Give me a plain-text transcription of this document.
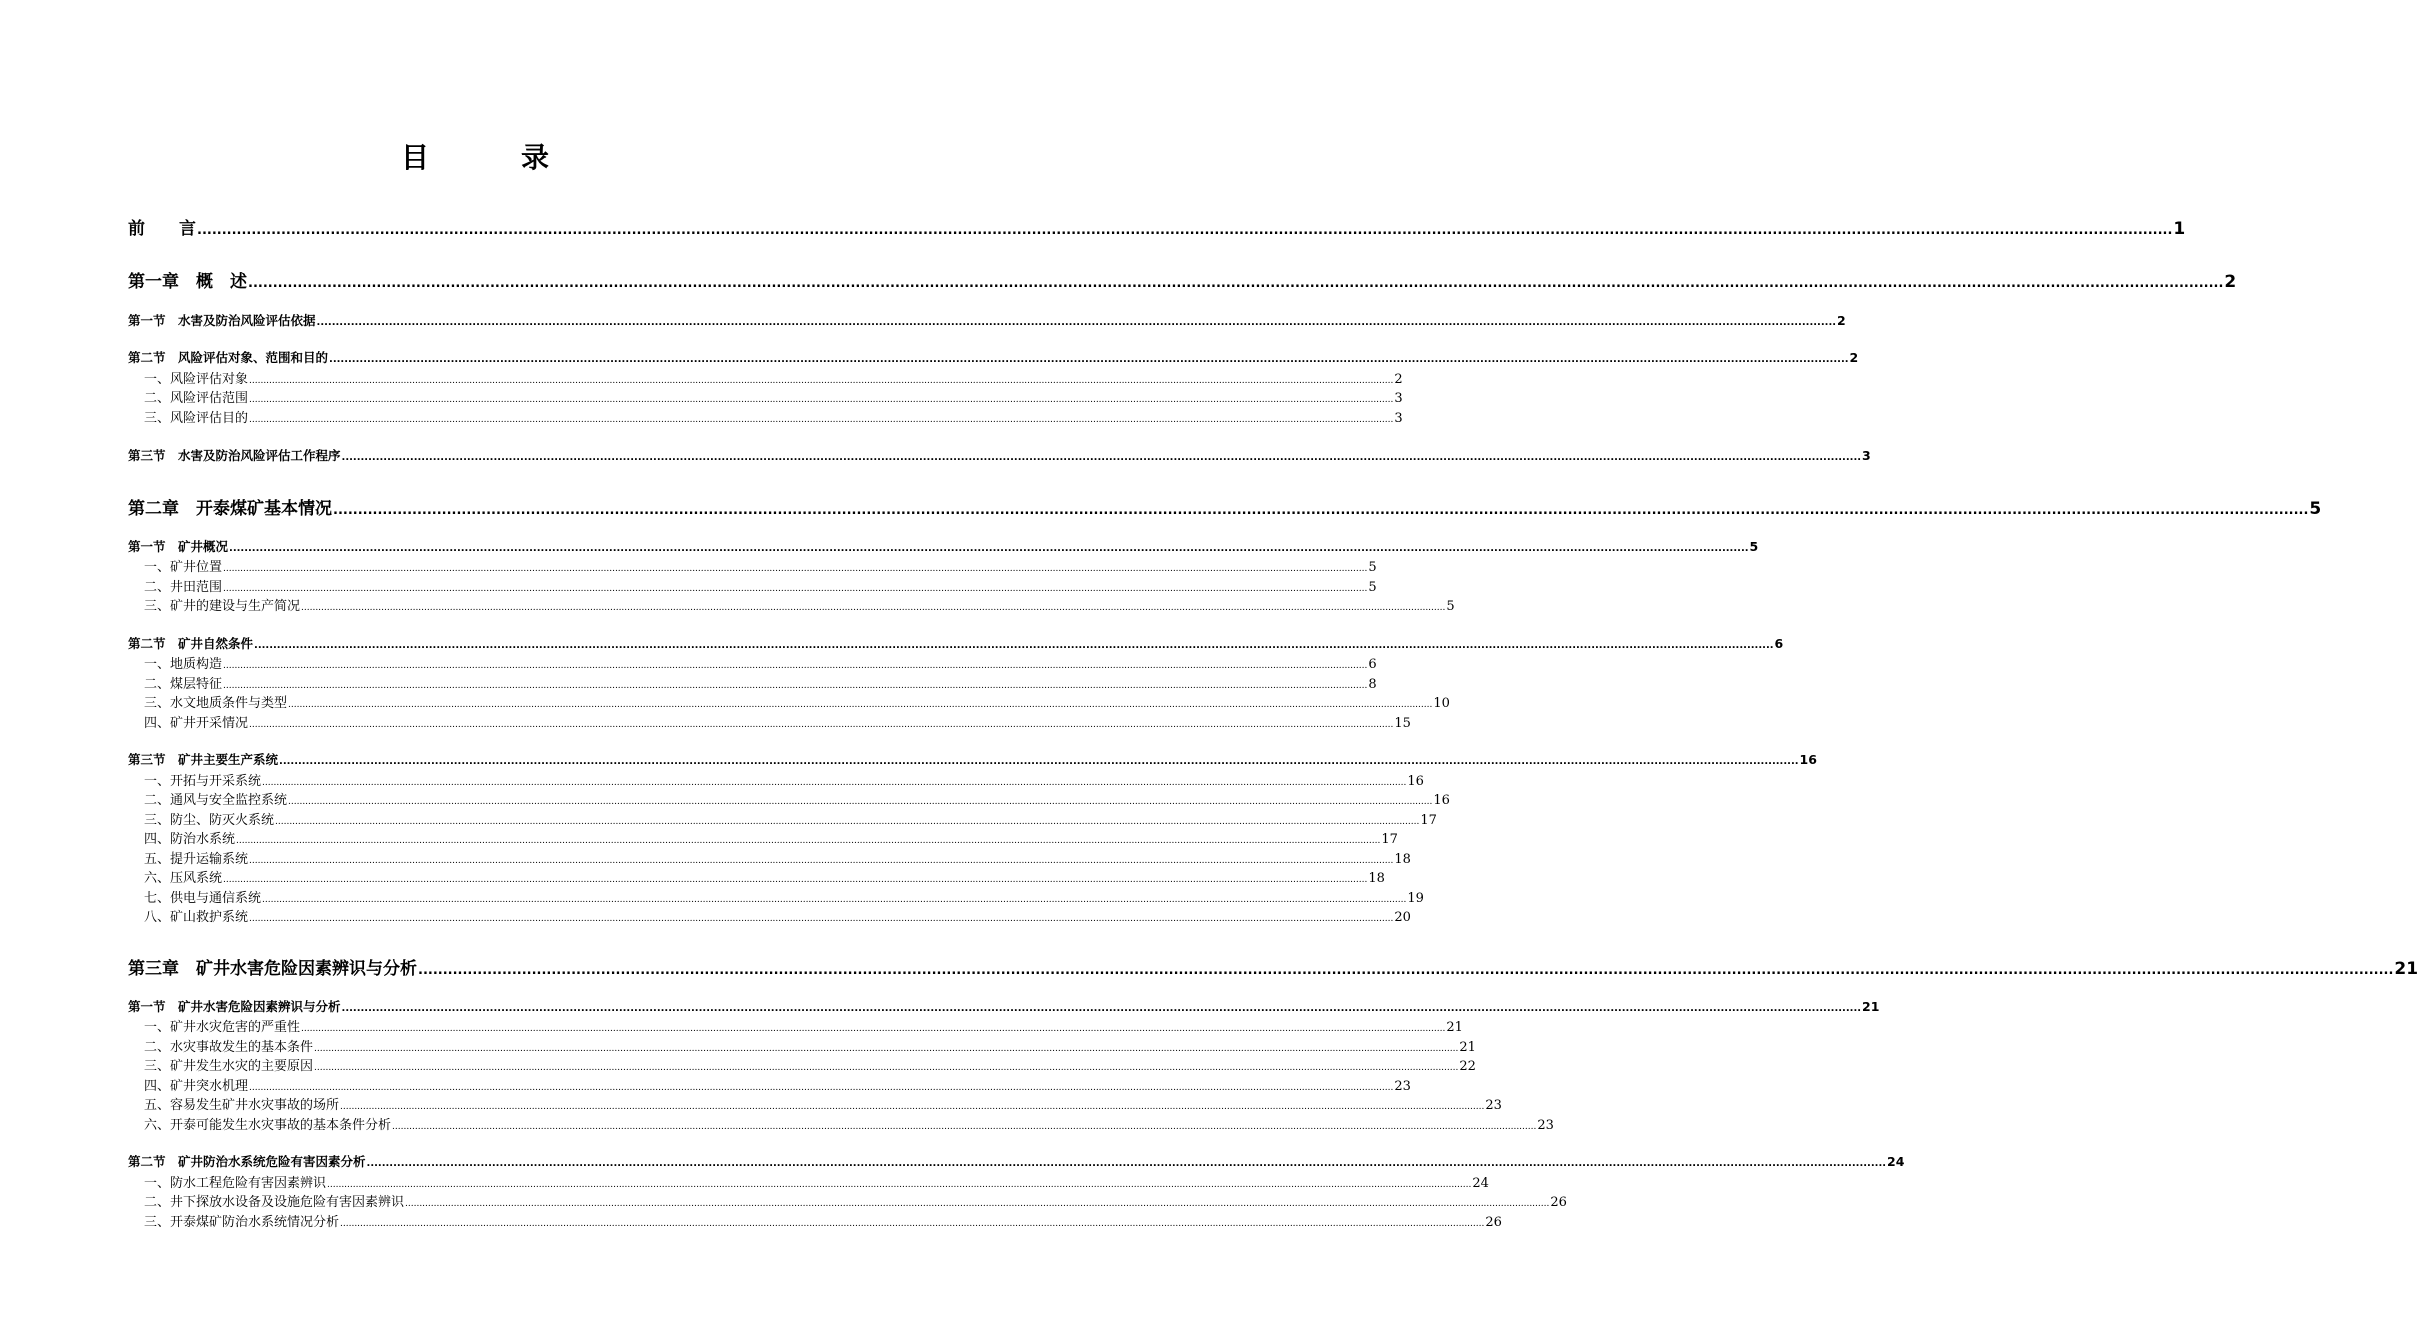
目	录
前　　言 ................................................................................................................................................................................................................................................................................................................................................................................................................ 1
第一章　概　述 ................................................................................................................................................................................................................................................................................................................................................................................................................ 2
第一节　水害及防治风险评估依据 ................................................................................................................................................................................................................................................................................................................................................................................................................ 2
第二节　风险评估对象、范围和目的 ................................................................................................................................................................................................................................................................................................................................................................................................................ 2
一、风险评估对象 ................................................................................................................................................................................................................................................................................................................................................................................................................ 2
二、风险评估范围 ................................................................................................................................................................................................................................................................................................................................................................................................................ 3
三、风险评估目的 ................................................................................................................................................................................................................................................................................................................................................................................................................ 3
第三节　水害及防治风险评估工作程序 ................................................................................................................................................................................................................................................................................................................................................................................................................ 3
第二章　开泰煤矿基本情况 ................................................................................................................................................................................................................................................................................................................................................................................................................ 5
第一节　矿井概况 ................................................................................................................................................................................................................................................................................................................................................................................................................ 5
一、矿井位置 ................................................................................................................................................................................................................................................................................................................................................................................................................ 5
二、井田范围 ................................................................................................................................................................................................................................................................................................................................................................................................................ 5
三、矿井的建设与生产简况 ................................................................................................................................................................................................................................................................................................................................................................................................................ 5
第二节　矿井自然条件 ................................................................................................................................................................................................................................................................................................................................................................................................................ 6
一、地质构造 ................................................................................................................................................................................................................................................................................................................................................................................................................ 6
二、煤层特征 ................................................................................................................................................................................................................................................................................................................................................................................................................ 8
三、水文地质条件与类型 ................................................................................................................................................................................................................................................................................................................................................................................................................ 10
四、矿井开采情况 ................................................................................................................................................................................................................................................................................................................................................................................................................ 15
第三节　矿井主要生产系统 ................................................................................................................................................................................................................................................................................................................................................................................................................ 16
一、开拓与开采系统 ................................................................................................................................................................................................................................................................................................................................................................................................................ 16
二、通风与安全监控系统 ................................................................................................................................................................................................................................................................................................................................................................................................................ 16
三、防尘、防灭火系统 ................................................................................................................................................................................................................................................................................................................................................................................................................ 17
四、防治水系统 ................................................................................................................................................................................................................................................................................................................................................................................................................ 17
五、提升运输系统 ................................................................................................................................................................................................................................................................................................................................................................................................................ 18
六、压风系统 ................................................................................................................................................................................................................................................................................................................................................................................................................ 18
七、供电与通信系统 ................................................................................................................................................................................................................................................................................................................................................................................................................ 19
八、矿山救护系统 ................................................................................................................................................................................................................................................................................................................................................................................................................ 20
第三章　矿井水害危险因素辨识与分析 ................................................................................................................................................................................................................................................................................................................................................................................................................ 21
第一节　矿井水害危险因素辨识与分析 ................................................................................................................................................................................................................................................................................................................................................................................................................ 21
一、矿井水灾危害的严重性 ................................................................................................................................................................................................................................................................................................................................................................................................................ 21
二、水灾事故发生的基本条件 ................................................................................................................................................................................................................................................................................................................................................................................................................ 21
三、矿井发生水灾的主要原因 ................................................................................................................................................................................................................................................................................................................................................................................................................ 22
四、矿井突水机理 ................................................................................................................................................................................................................................................................................................................................................................................................................ 23
五、容易发生矿井水灾事故的场所 ................................................................................................................................................................................................................................................................................................................................................................................................................ 23
六、开泰可能发生水灾事故的基本条件分析 ................................................................................................................................................................................................................................................................................................................................................................................................................ 23
第二节　矿井防治水系统危险有害因素分析 ................................................................................................................................................................................................................................................................................................................................................................................................................ 24
一、防水工程危险有害因素辨识 ................................................................................................................................................................................................................................................................................................................................................................................................................ 24
二、井下探放水设备及设施危险有害因素辨识 ................................................................................................................................................................................................................................................................................................................................................................................................................ 26
三、开泰煤矿防治水系统情况分析 ................................................................................................................................................................................................................................................................................................................................................................................................................ 26
